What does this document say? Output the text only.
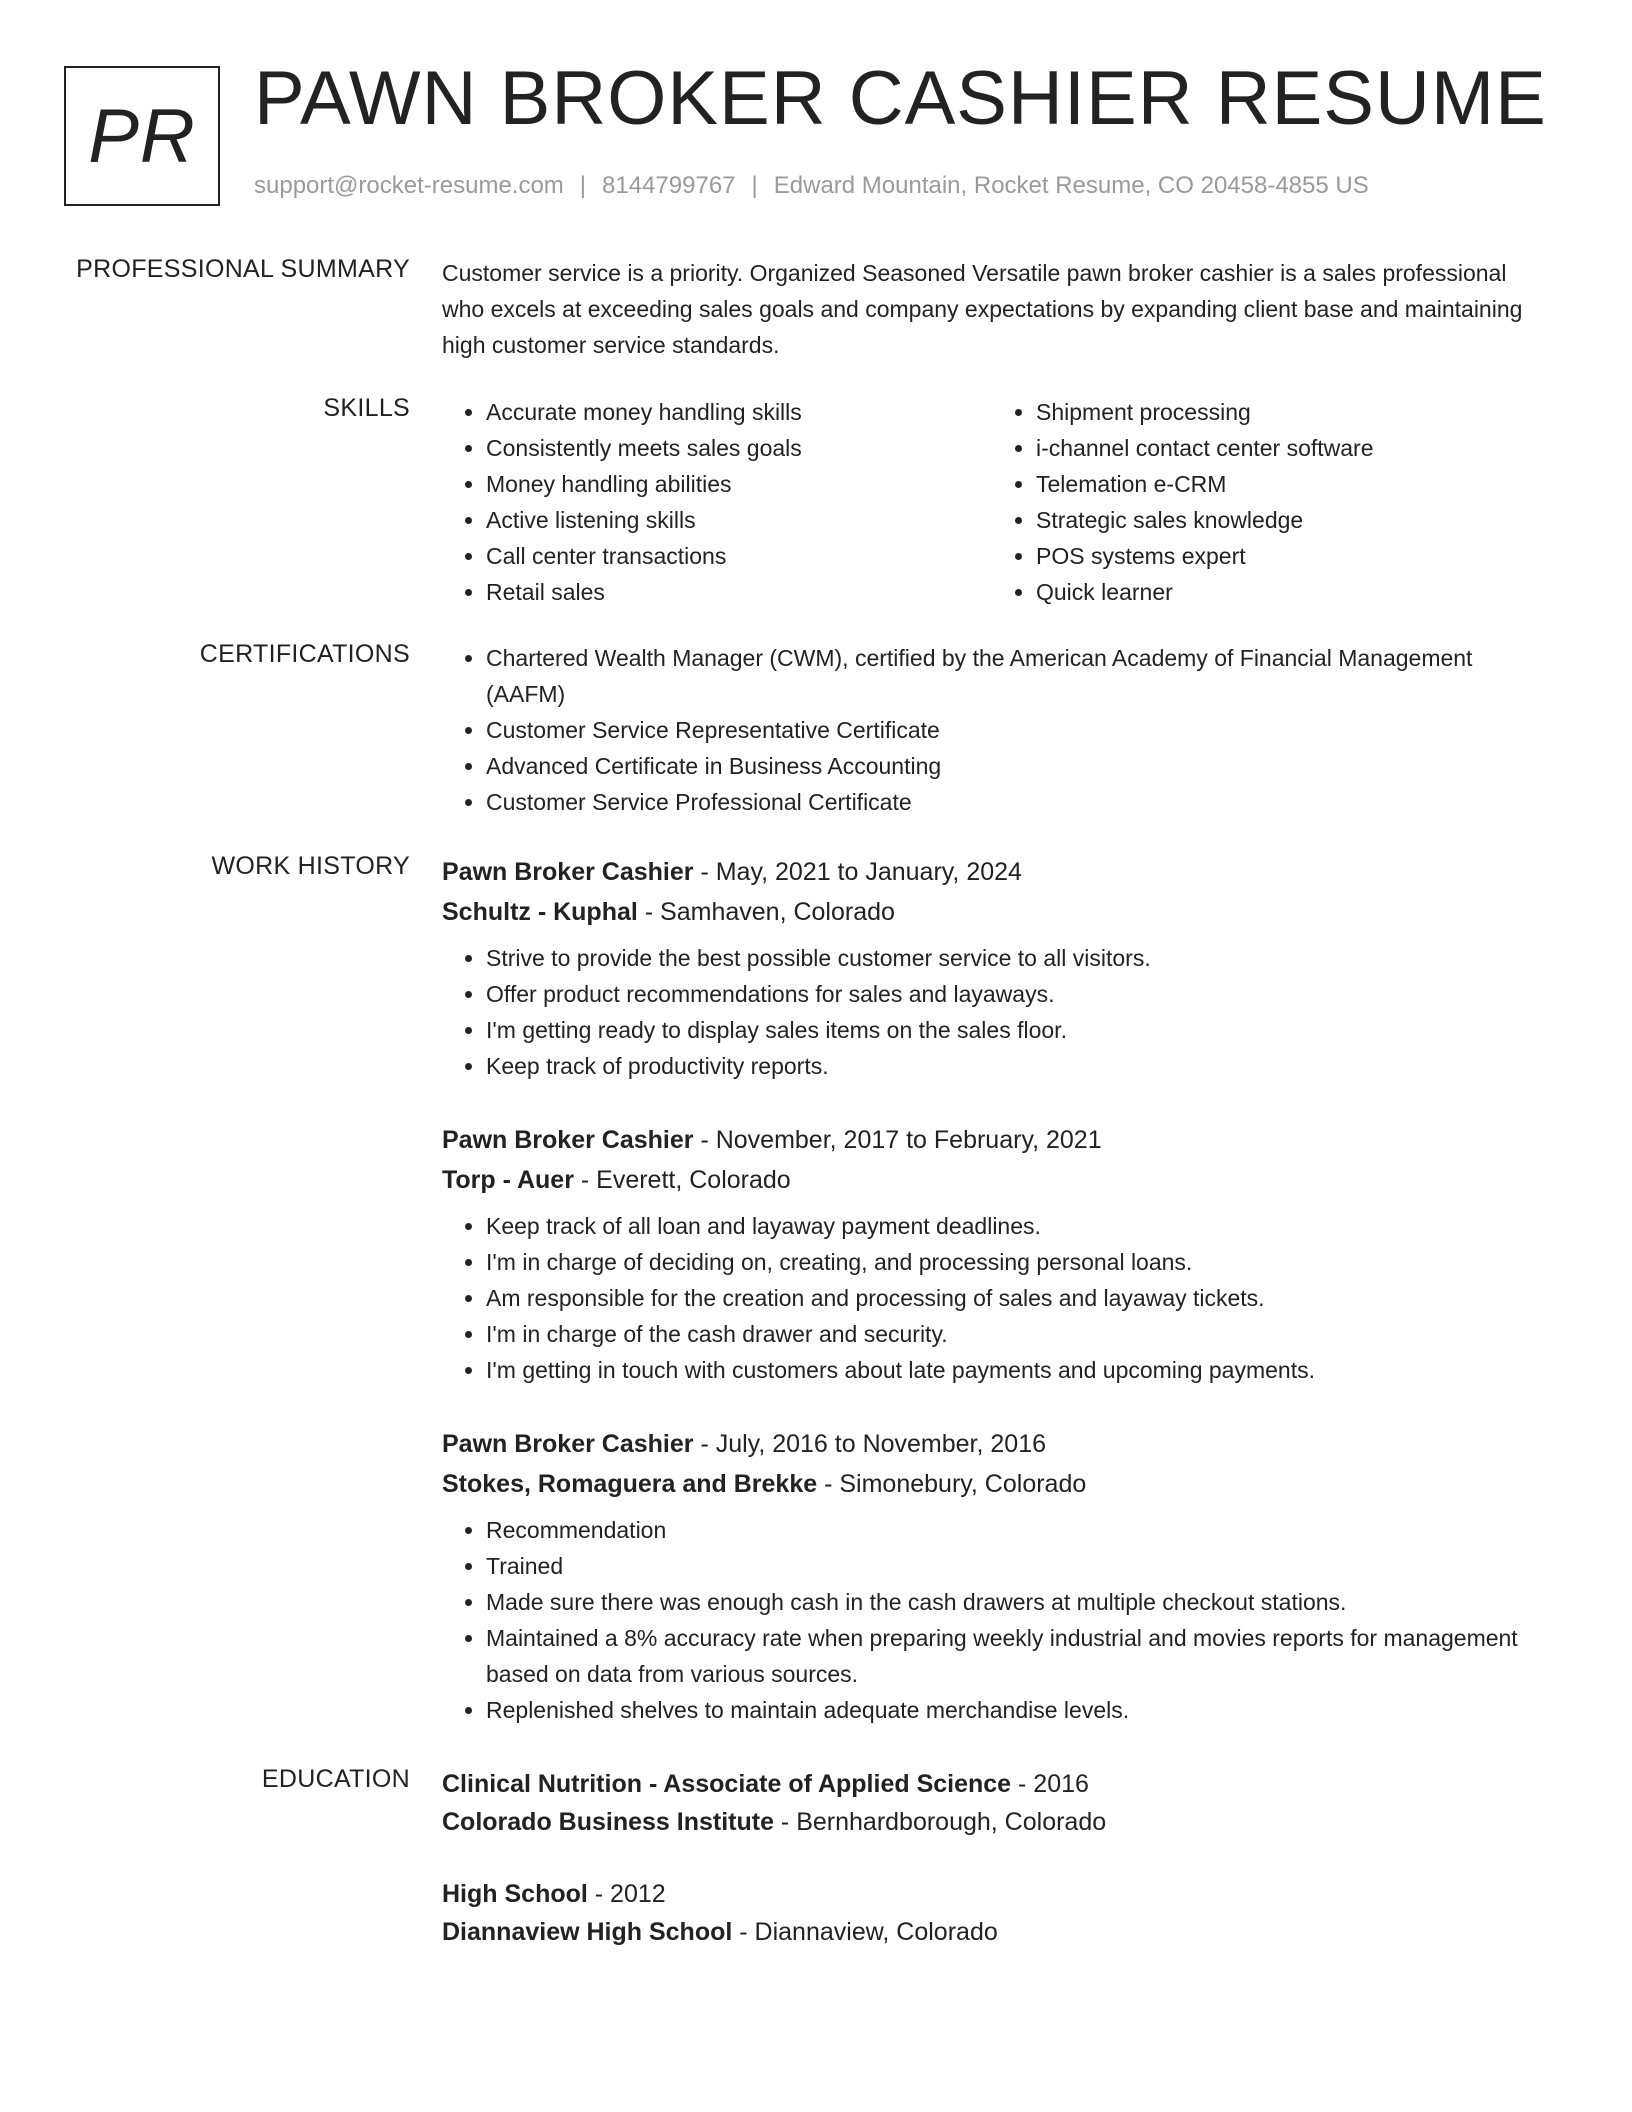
PR PAWN BROKER CASHIER RESUME
support@rocket-resume.com | 8144799767 | Edward Mountain, Rocket Resume, CO 20458-4855 US
PROFESSIONAL SUMMARY Customer service is a priority. Organized Seasoned Versatile pawn broker cashier is a sales professional who excels at exceeding sales goals and company expectations by expanding client base and maintaining high customer service standards.

SKILLS	• Accurate money handling skills
• Consistently meets sales goals
• Money handling abilities
• Active listening skills
• Call center transactions
• Retail sales
• Shipment processing
• i-channel contact center software
• Telemation e-CRM
• Strategic sales knowledge
• POS systems expert
• Quick learner
CERTIFICATIONS	• Chartered Wealth Manager (CWM), certified by the American Academy of Financial Management (AAFM)
• Customer Service Representative Certificate
• Advanced Certificate in Business Accounting
• Customer Service Professional Certificate
WORK HISTORY Pawn Broker Cashier - May, 2021 to January, 2024
Schultz - Kuphal - Samhaven, Colorado
• Strive to provide the best possible customer service to all visitors.
• Offer product recommendations for sales and layaways.
• I'm getting ready to display sales items on the sales floor.
• Keep track of productivity reports.
Pawn Broker Cashier - November, 2017 to February, 2021
Torp - Auer - Everett, Colorado
• Keep track of all loan and layaway payment deadlines.
• I'm in charge of deciding on, creating, and processing personal loans.
• Am responsible for the creation and processing of sales and layaway tickets.
• I'm in charge of the cash drawer and security.
• I'm getting in touch with customers about late payments and upcoming payments.
Pawn Broker Cashier - July, 2016 to November, 2016
Stokes, Romaguera and Brekke - Simonebury, Colorado
• Recommendation
• Trained
• Made sure there was enough cash in the cash drawers at multiple checkout stations.
• Maintained a 8% accuracy rate when preparing weekly industrial and movies reports for management based on data from various sources.
• Replenished shelves to maintain adequate merchandise levels.
EDUCATION Clinical Nutrition - Associate of Applied Science - 2016
Colorado Business Institute - Bernhardborough, Colorado
High School - 2012
Diannaview High School - Diannaview, Colorado
